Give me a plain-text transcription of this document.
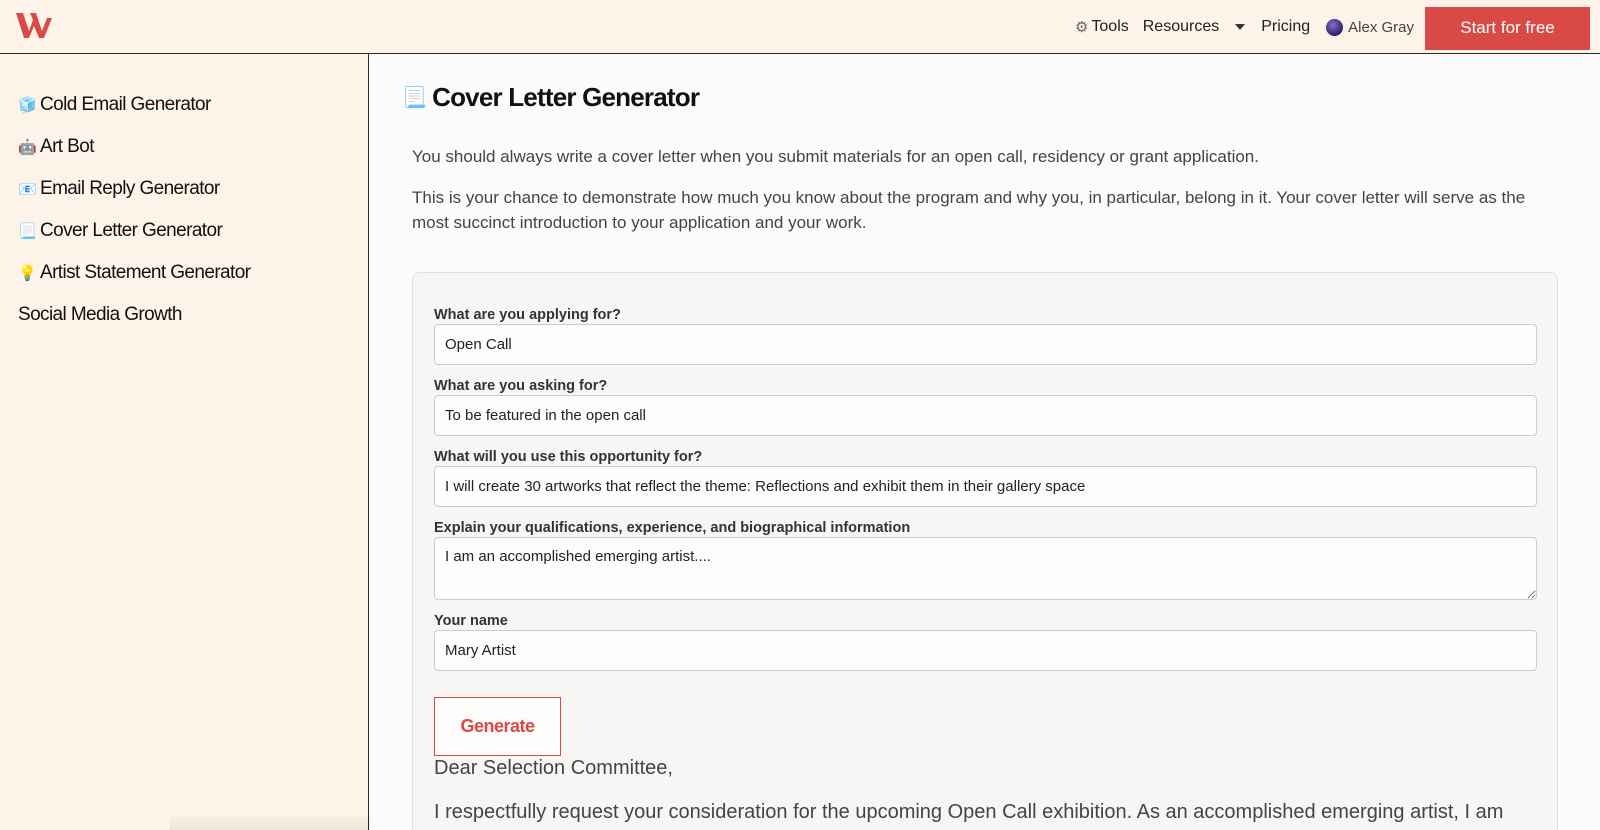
⚙ Tools Resources	Pricing	Alex Gray	Start for free
🧊 Cold Email Generator
🤖 Art Bot
📧 Email Reply Generator
📃 Cover Letter Generator
💡 Artist Statement Generator
Social Media Growth
📃 Cover Letter Generator

You should always write a cover letter when you submit materials for an open call, residency or grant application.

This is your chance to demonstrate how much you know about the program and why you, in particular, belong in it. Your cover letter will serve as the most succinct introduction to your application and your work.

What are you applying for?
Open Call
What are you asking for?
To be featured in the open call
What will you use this opportunity for?
I will create 30 artworks that reflect the theme: Reflections and exhibit them in their gallery space
Explain your qualifications, experience, and biographical information
I am an accomplished emerging artist....
Your name
Mary Artist
Generate

Dear Selection Committee,

I respectfully request your consideration for the upcoming Open Call exhibition. As an accomplished emerging artist, I am
